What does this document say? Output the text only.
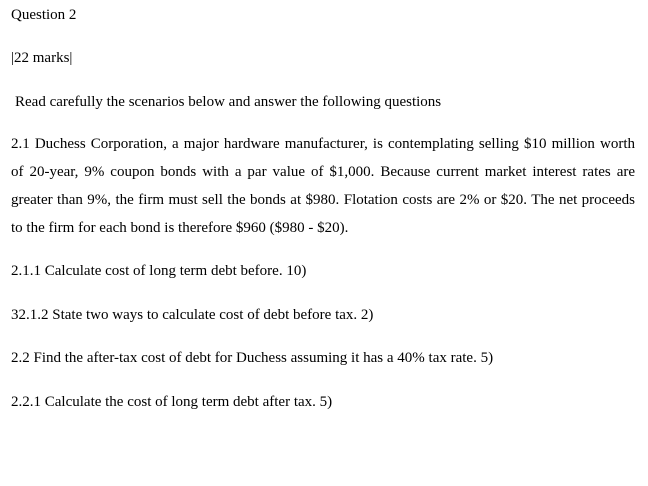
Question 2
|22 marks|
Read carefully the scenarios below and answer the following questions
2.1 Duchess Corporation, a major hardware manufacturer, is contemplating selling $10 million worth of 20-year, 9% coupon bonds with a par value of $1,000. Because current market interest rates are greater than 9%, the firm must sell the bonds at $980. Flotation costs are 2% or $20. The net proceeds to the firm for each bond is therefore $960 ($980 - $20).
2.1.1 Calculate cost of long term debt before. 10)
32.1.2 State two ways to calculate cost of debt before tax. 2)
2.2 Find the after-tax cost of debt for Duchess assuming it has a 40% tax rate. 5)
2.2.1 Calculate the cost of long term debt after tax. 5)
